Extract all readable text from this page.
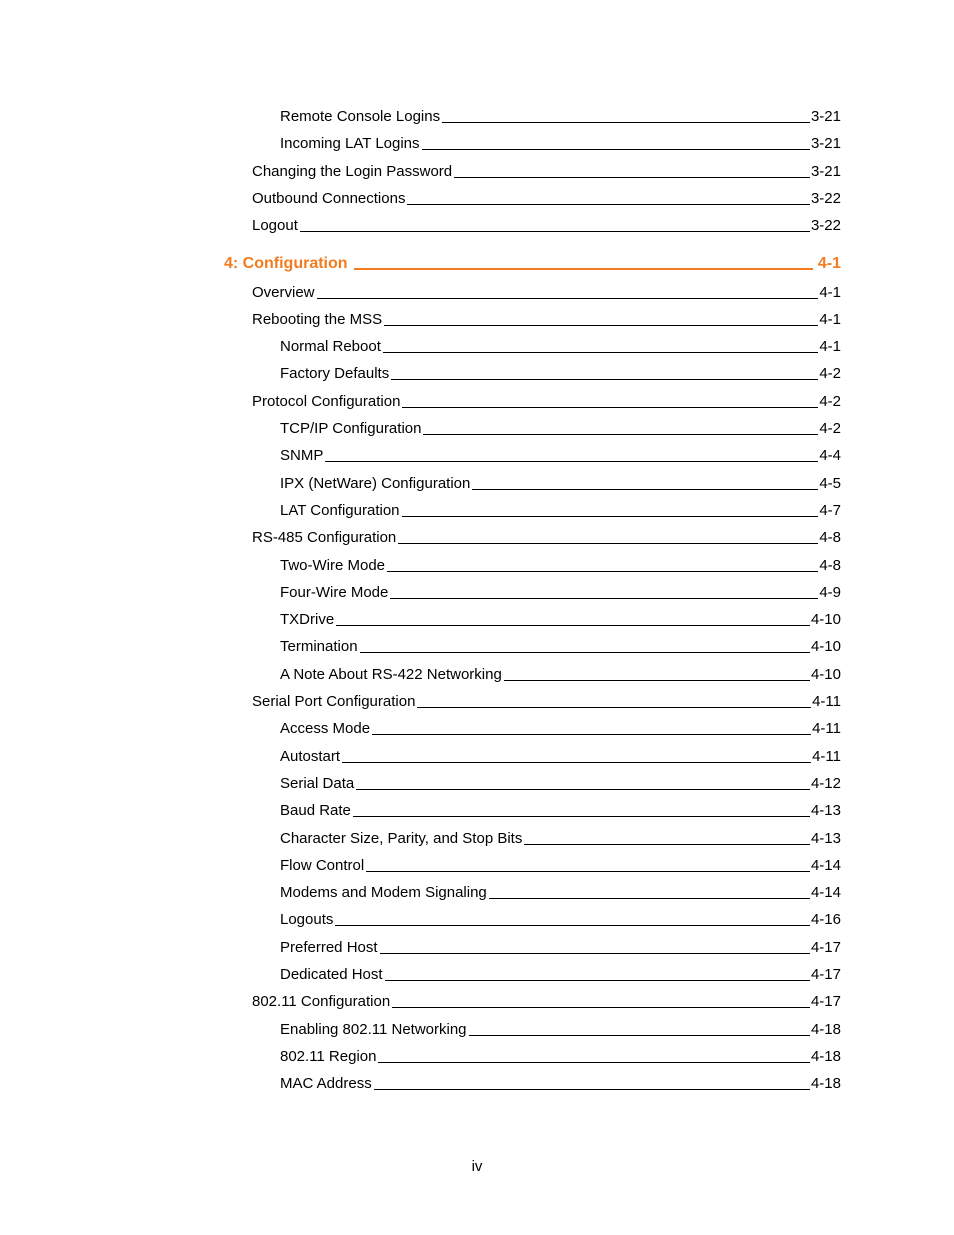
Remote Console Logins	3-21
Incoming LAT Logins	3-21
Changing the Login Password	3-21
Outbound Connections	3-22
Logout	3-22
4: Configuration	4-1
Overview	4-1
Rebooting the MSS	4-1
Normal Reboot	4-1
Factory Defaults	4-2
Protocol Configuration	4-2
TCP/IP Configuration	4-2
SNMP	4-4
IPX (NetWare) Configuration	4-5
LAT Configuration	4-7
RS-485 Configuration	4-8
Two-Wire Mode	4-8
Four-Wire Mode	4-9
TXDrive	4-10
Termination	4-10
A Note About RS-422 Networking	4-10
Serial Port Configuration	4-11
Access Mode	4-11
Autostart	4-11
Serial Data	4-12
Baud Rate	4-13
Character Size, Parity, and Stop Bits	4-13
Flow Control	4-14
Modems and Modem Signaling	4-14
Logouts	4-16
Preferred Host	4-17
Dedicated Host	4-17
802.11 Configuration	4-17
Enabling 802.11 Networking	4-18
802.11 Region	4-18
MAC Address	4-18
iv
